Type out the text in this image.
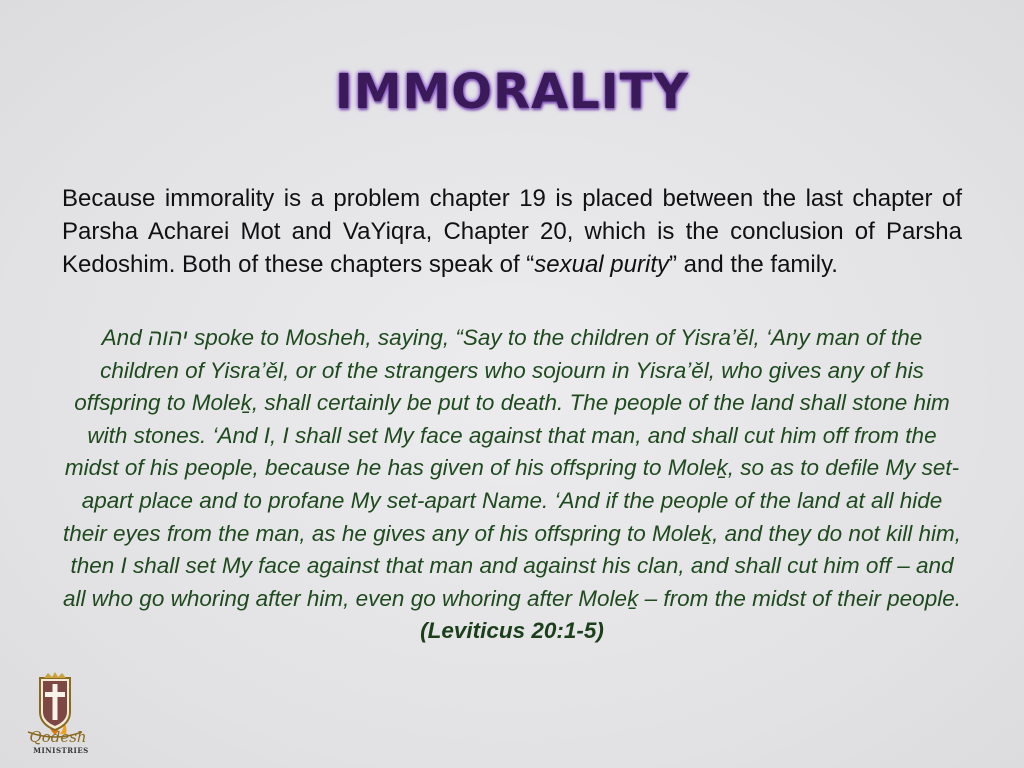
IMMORALITY
Because immorality is a problem chapter 19 is placed between the last chapter of Parsha Acharei Mot and VaYiqra, Chapter 20, which is the conclusion of Parsha Kedoshim. Both of these chapters speak of “sexual purity” and the family.
And יהוה spoke to Mosheh, saying, “Say to the children of Yisra’ěl, ‘Any man of the children of Yisra’ěl, or of the strangers who sojourn in Yisra’ěl, who gives any of his offspring to Moleḵ, shall certainly be put to death. The people of the land shall stone him with stones. ‘And I, I shall set My face against that man, and shall cut him off from the midst of his people, because he has given of his offspring to Moleḵ, so as to defile My set-apart place and to profane My set-apart Name. ‘And if the people of the land at all hide their eyes from the man, as he gives any of his offspring to Moleḵ, and they do not kill him, then I shall set My face against that man and against his clan, and shall cut him off – and all who go whoring after him, even go whoring after Moleḵ – from the midst of their people. (Leviticus 20:1-5)
Qodesh
MINISTRIES
